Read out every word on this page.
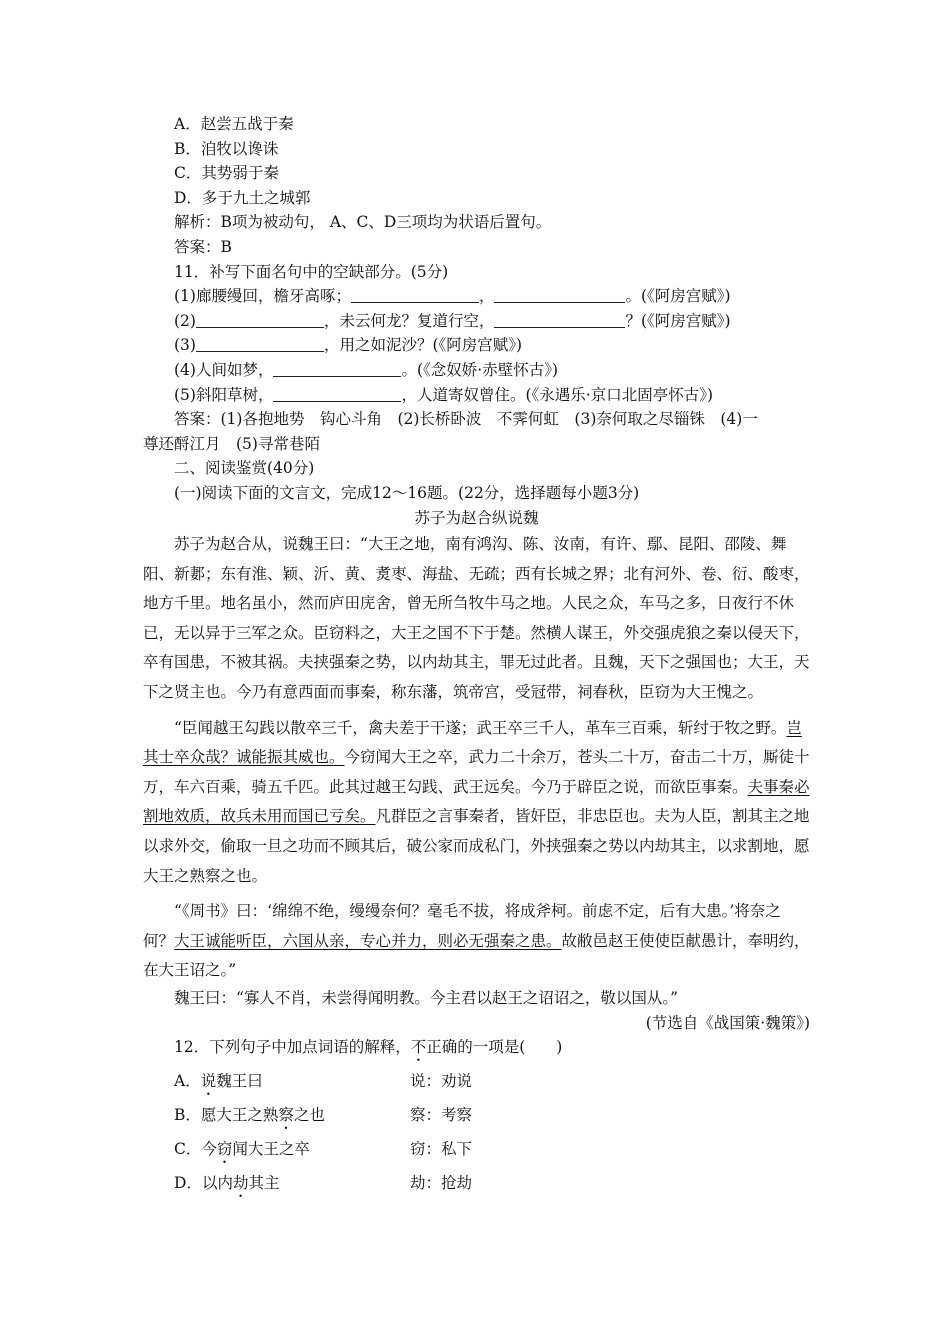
A．赵尝五战于秦
B．洎牧以谗诛
C．其势弱于秦
D．多于九土之城郭
解析：B项为被动句， A、C、D三项均为状语后置句。
答案：B
11．补写下面名句中的空缺部分。(5分)
(1)廊腰缦回，檐牙高啄；	，	。(《阿房宫赋》)
(2)	，未云何龙？复道行空，	？(《阿房宫赋》)
(3)	，用之如泥沙？(《阿房宫赋》)
(4)人间如梦，	。(《念奴娇·赤壁怀古》)
(5)斜阳草树，	，人道寄奴曾住。(《永遇乐·京口北固亭怀古》)
答案：(1)各抱地势　钩心斗角　(2)长桥卧波　不霁何虹　(3)奈何取之尽锱铢　(4)一
尊还酹江月　(5)寻常巷陌
二、阅读鉴赏(40分)
(一)阅读下面的文言文，完成12～16题。(22分，选择题每小题3分)
苏子为赵合纵说魏
苏子为赵合从，说魏王曰：“大王之地，南有鸿沟、陈、汝南，有许、鄢、昆阳、邵陵、舞阳、新郪；东有淮、颖、沂、黄、煑枣、海盐、无疏；西有长城之界；北有河外、卷、衍、酸枣，地方千里。地名虽小，然而庐田庑舍，曾无所刍牧牛马之地。人民之众，车马之多，日夜行不休已，无以异于三军之众。臣窃料之，大王之国不下于楚。然横人谋王，外交强虎狼之秦以侵天下，卒有国患，不被其祸。夫挟强秦之势，以内劫其主，罪无过此者。且魏，天下之强国也；大王，天下之贤主也。今乃有意西面而事秦，称东藩，筑帝宫，受冠带，祠春秋，臣窃为大王愧之。
“臣闻越王勾践以散卒三千，禽夫差于干遂；武王卒三千人，革车三百乘，斩纣于牧之野。岂其士卒众哉？诚能振其威也。今窃闻大王之卒，武力二十余万，苍头二十万，奋击二十万，厮徒十万，车六百乘，骑五千匹。此其过越王勾践、武王远矣。今乃于辟臣之说，而欲臣事秦。夫事秦必割地效质，故兵未用而国已亏矣。凡群臣之言事秦者，皆奸臣，非忠臣也。夫为人臣，割其主之地以求外交，偷取一旦之功而不顾其后，破公家而成私门，外挟强秦之势以内劫其主，以求割地，愿大王之熟察之也。
“《周书》曰：‘绵绵不绝，缦缦奈何？毫毛不拔，将成斧柯。前虑不定，后有大患。’将奈之何？大王诚能听臣，六国从亲，专心并力，则必无强秦之患。故敝邑赵王使使臣献愚计，奉明约，在大王诏之。”
魏王曰：“寡人不肖，未尝得闻明教。今主君以赵王之诏诏之，敬以国从。”
(节选自《战国策·魏策》)
12．下列句子中加点词语的解释，不正确的一项是(　　)
A．说魏王曰	说：劝说
B．愿大王之熟察之也	察：考察
C．今窃闻大王之卒	窃：私下
D．以内劫其主	劫：抢劫
